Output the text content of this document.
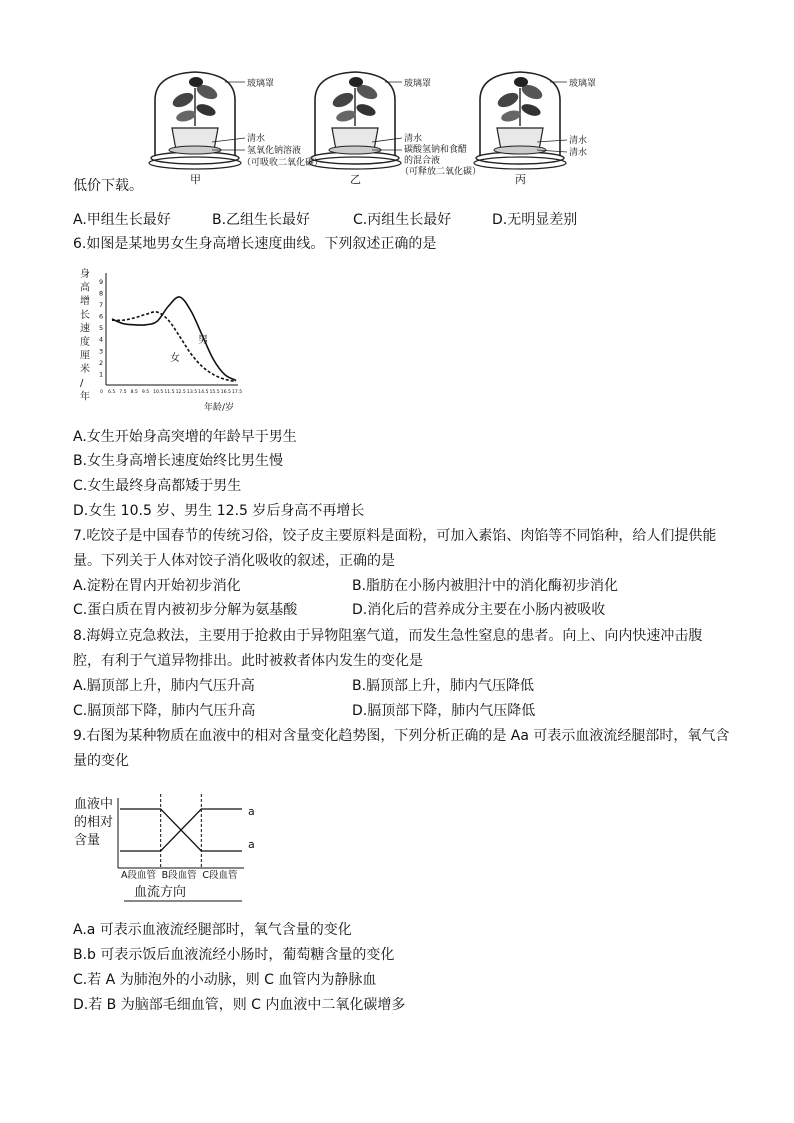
玻璃罩
清水
氢氧化钠溶液
（可吸收二氧化碳）
甲
玻璃罩
清水
碳酸氢钠和食醋
的混合液
（可释放二氧化碳）
乙
玻璃罩
清水
清水
丙
低价下载。
A.甲组生长最好	B.乙组生长最好	C.丙组生长最好	D.无明显差别
6.如图是某地男女生身高增长速度曲线。下列叙述正确的是
身
高
增
长
速
度
厘
米
/
年
1
2
3
4
5
6
7
8
9
0 6.5 7.5 8.5 9.5 10.5 11.5 12.5 13.5 14.5 15.5 16.5 17.5
男
女
年龄/岁
A.女生开始身高突增的年龄早于男生
B.女生身高增长速度始终比男生慢
C.女生最终身高都矮于男生
D.女生 10.5 岁、男生 12.5 岁后身高不再增长
7.吃饺子是中国春节的传统习俗，饺子皮主要原料是面粉，可加入素馅、肉馅等不同馅种，给人们提供能
量。下列关于人体对饺子消化吸收的叙述，正确的是
A.淀粉在胃内开始初步消化	B.脂肪在小肠内被胆汁中的消化酶初步消化
C.蛋白质在胃内被初步分解为氨基酸	D.消化后的营养成分主要在小肠内被吸收
8.海姆立克急救法，主要用于抢救由于异物阻塞气道，而发生急性窒息的患者。向上、向内快速冲击腹
腔，有利于气道异物排出。此时被救者体内发生的变化是
A.膈顶部上升，肺内气压升高	B.膈顶部上升，肺内气压降低
C.膈顶部下降，肺内气压升高	D.膈顶部下降，肺内气压降低
9.右图为某种物质在血液中的相对含量变化趋势图，下列分析正确的是 Aa 可表示血液流经腿部时，氧气含
量的变化
血液中
的相对
含量
A段血管 B段血管 C段血管
a
a
血流方向
A.a 可表示血液流经腿部时，氧气含量的变化
B.b 可表示饭后血液流经小肠时，葡萄糖含量的变化
C.若 A 为肺泡外的小动脉，则 C 血管内为静脉血
D.若 B 为脑部毛细血管，则 C 内血液中二氧化碳增多
